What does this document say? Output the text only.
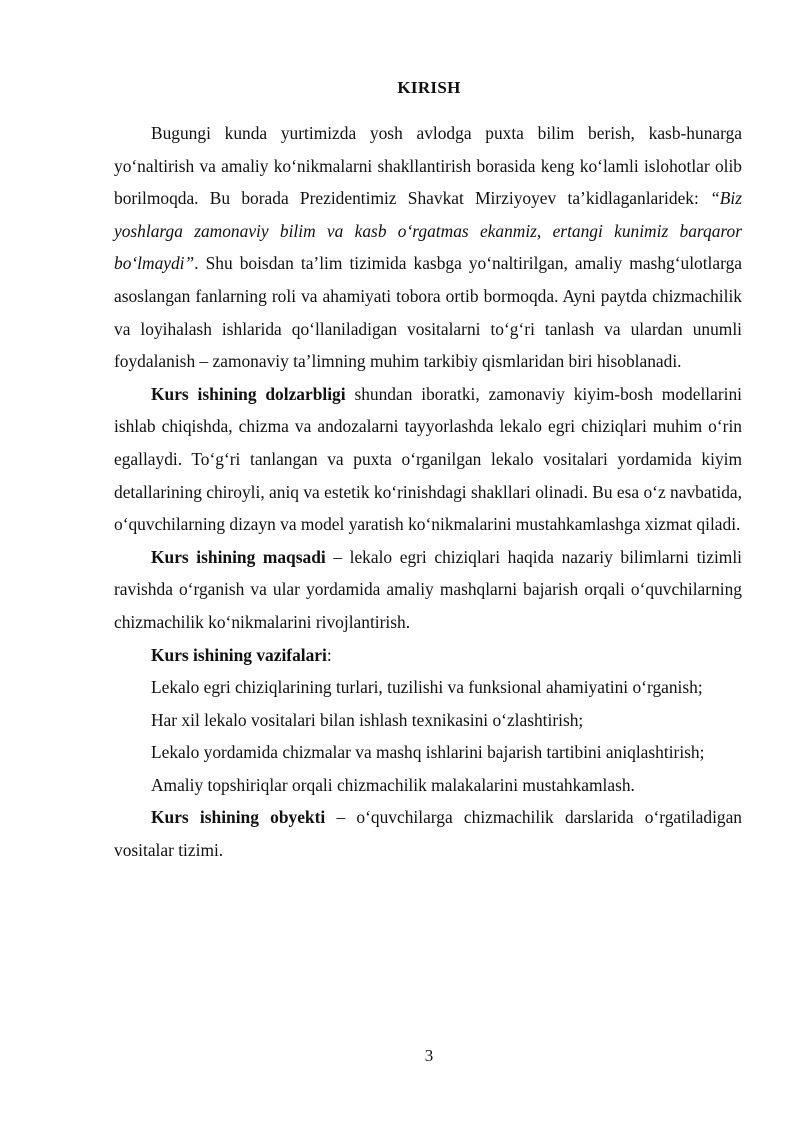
KIRISH

Bugungi kunda yurtimizda yosh avlodga puxta bilim berish, kasb-hunarga yo‘naltirish va amaliy ko‘nikmalarni shakllantirish borasida keng ko‘lamli islohotlar olib borilmoqda. Bu borada Prezidentimiz Shavkat Mirziyoyev ta’kidlaganlaridek: “Biz yoshlarga zamonaviy bilim va kasb o‘rgatmas ekanmiz, ertangi kunimiz barqaror bo‘lmaydi”. Shu boisdan ta’lim tizimida kasbga yo‘naltirilgan, amaliy mashg‘ulotlarga asoslangan fanlarning roli va ahamiyati tobora ortib bormoqda. Ayni paytda chizmachilik va loyihalash ishlarida qo‘llaniladigan vositalarni to‘g‘ri tanlash va ulardan unumli foydalanish – zamonaviy ta’limning muhim tarkibiy qismlaridan biri hisoblanadi.

Kurs ishining dolzarbligi shundan iboratki, zamonaviy kiyim-bosh modellarini ishlab chiqishda, chizma va andozalarni tayyorlashda lekalo egri chiziqlari muhim o‘rin egallaydi. To‘g‘ri tanlangan va puxta o‘rganilgan lekalo vositalari yordamida kiyim detallarining chiroyli, aniq va estetik ko‘rinishdagi shakllari olinadi. Bu esa o‘z navbatida, o‘quvchilarning dizayn va model yaratish ko‘nikmalarini mustahkamlashga xizmat qiladi.

Kurs ishining maqsadi – lekalo egri chiziqlari haqida nazariy bilimlarni tizimli ravishda o‘rganish va ular yordamida amaliy mashqlarni bajarish orqali o‘quvchilarning chizmachilik ko‘nikmalarini rivojlantirish.

Kurs ishining vazifalari:

Lekalo egri chiziqlarining turlari, tuzilishi va funksional ahamiyatini o‘rganish;

Har xil lekalo vositalari bilan ishlash texnikasini o‘zlashtirish;

Lekalo yordamida chizmalar va mashq ishlarini bajarish tartibini aniqlashtirish;

Amaliy topshiriqlar orqali chizmachilik malakalarini mustahkamlash.

Kurs ishining obyekti – o‘quvchilarga chizmachilik darslarida o‘rgatiladigan vositalar tizimi.

3
